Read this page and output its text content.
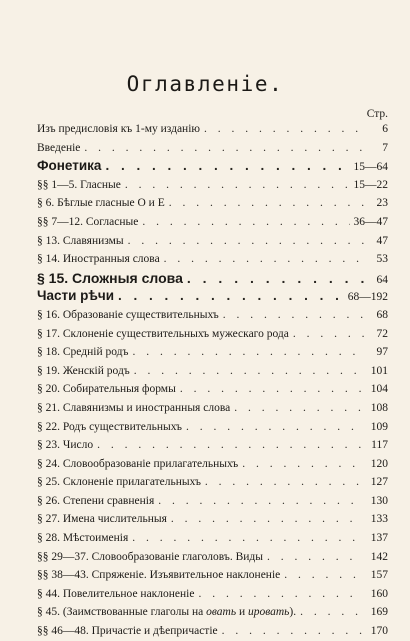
Оглавленіе.
Стр.
Изъ предисловія къ 1-му изданію . . .	6
Введеніе . . .	7
Фонетика . . .	15—64
§§ 1—5. Гласные . . .	15—22
§ 6. Бѣглые гласные О и Е . . .	23
§§ 7—12. Согласные . . .	36—47
§ 13. Славянизмы . . .	47
§ 14. Иностранныя слова . . .	53
§ 15. Сложныя слова . . .	64
Части рѣчи . . .	68—192
§ 16. Образованіе существительныхъ . . .	68
§ 17. Склоненіе существительныхъ мужескаго рода . . .	72
§ 18. Средній родъ . . .	97
§ 19. Женскій родъ . . .	101
§ 20. Собирательныя формы . . .	104
§ 21. Славянизмы и иностранныя слова . . .	108
§ 22. Родъ существительныхъ . . .	109
§ 23. Число . . .	117
§ 24. Словообразованіе прилагательныхъ . . .	120
§ 25. Склоненіе прилагательныхъ . . .	127
§ 26. Степени сравненія . . .	130
§ 27. Имена числительныя . . .	133
§ 28. Мѣстоименія . . .	137
§§ 29—37. Словообразованіе глаголовъ. Виды . . .	142
§§ 38—43. Спряженіе. Изъявительное наклоненіе . . .	157
§ 44. Повелительное наклоненіе . . .	160
§ 45. (Заимствованные глаголы на овать и ировать). . . .	169
§§ 46—48. Причастіе и дѣепричастіе . . .	170
